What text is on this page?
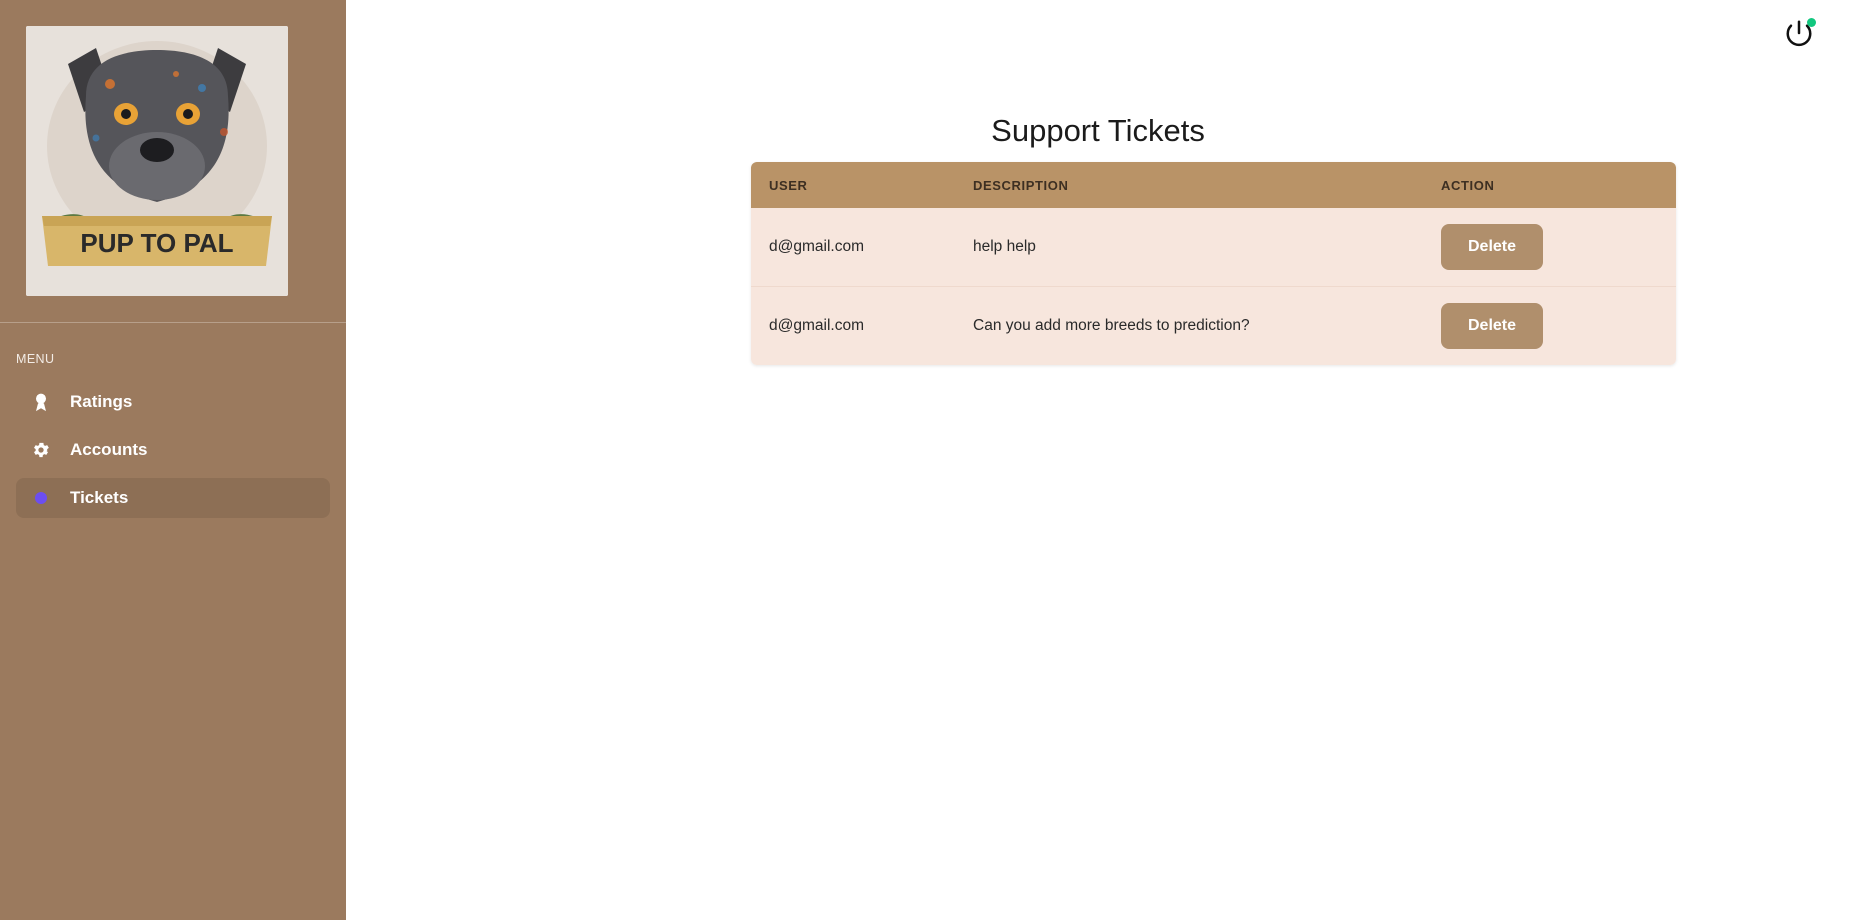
PUP TO PAL
MENU
Ratings
Accounts
Tickets
Support Tickets
USER	DESCRIPTION	ACTION
d@gmail.com	help help	Delete
d@gmail.com	Can you add more breeds to prediction?	Delete
